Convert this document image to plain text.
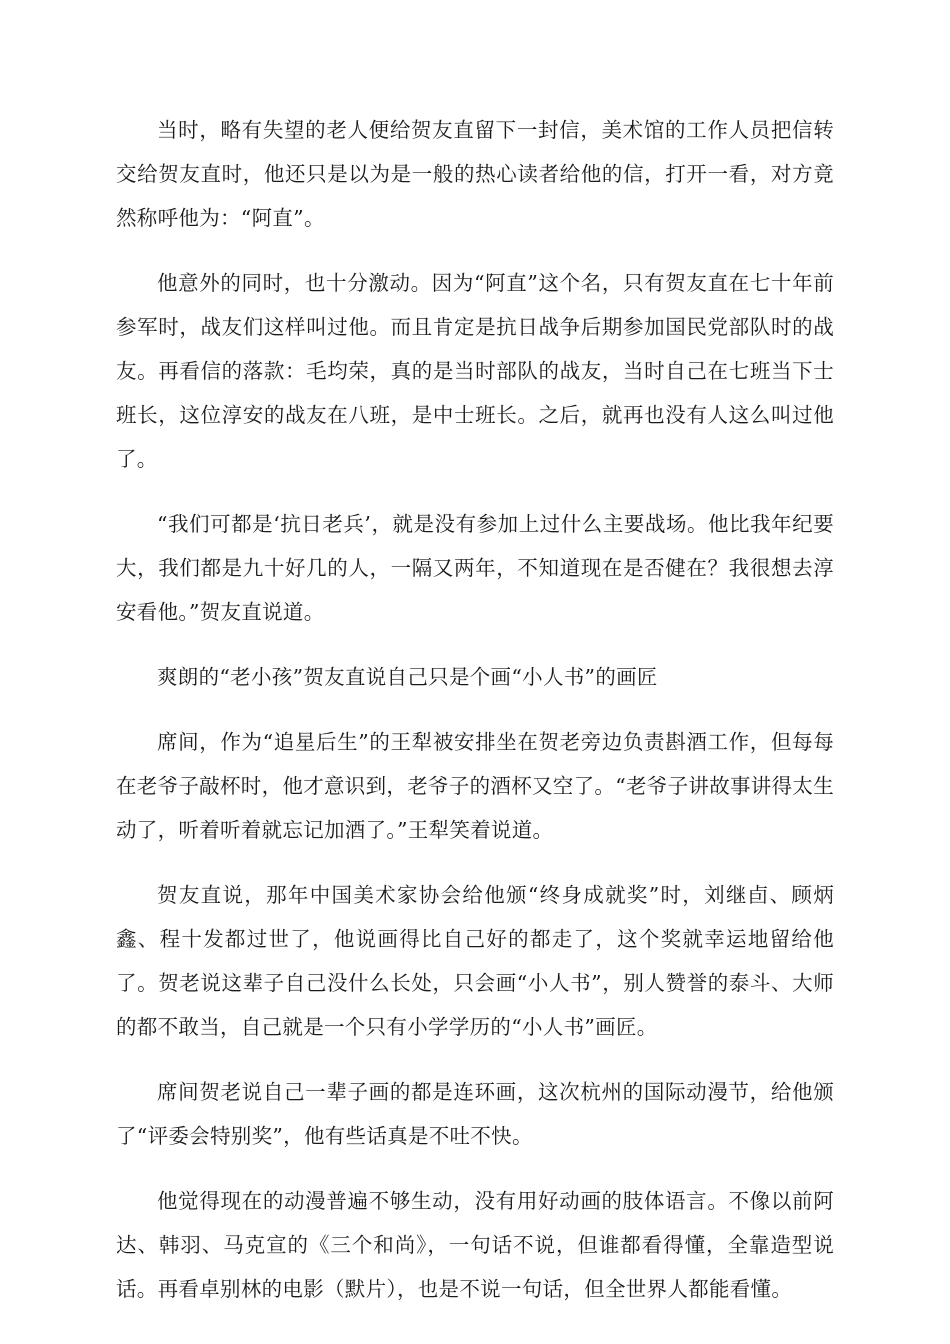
当时，略有失望的老人便给贺友直留下一封信，美术馆的工作人员把信转交给贺友直时，他还只是以为是一般的热心读者给他的信，打开一看，对方竟然称呼他为：“阿直”。

他意外的同时，也十分激动。因为“阿直”这个名，只有贺友直在七十年前参军时，战友们这样叫过他。而且肯定是抗日战争后期参加国民党部队时的战友。再看信的落款：毛均荣，真的是当时部队的战友，当时自己在七班当下士班长，这位淳安的战友在八班，是中士班长。之后，就再也没有人这么叫过他了。

“我们可都是‘抗日老兵’，就是没有参加上过什么主要战场。他比我年纪要大，我们都是九十好几的人，一隔又两年，不知道现在是否健在？我很想去淳安看他。”贺友直说道。

爽朗的“老小孩”贺友直说自己只是个画“小人书”的画匠

席间，作为“追星后生”的王犁被安排坐在贺老旁边负责斟酒工作，但每每在老爷子敲杯时，他才意识到，老爷子的酒杯又空了。“老爷子讲故事讲得太生动了，听着听着就忘记加酒了。”王犁笑着说道。

贺友直说，那年中国美术家协会给他颁“终身成就奖”时，刘继卣、顾炳鑫、程十发都过世了，他说画得比自己好的都走了，这个奖就幸运地留给他了。贺老说这辈子自己没什么长处，只会画“小人书”，别人赞誉的泰斗、大师的都不敢当，自己就是一个只有小学学历的“小人书”画匠。

席间贺老说自己一辈子画的都是连环画，这次杭州的国际动漫节，给他颁了“评委会特别奖”，他有些话真是不吐不快。

他觉得现在的动漫普遍不够生动，没有用好动画的肢体语言。不像以前阿达、韩羽、马克宣的《三个和尚》，一句话不说，但谁都看得懂，全靠造型说话。再看卓别林的电影（默片），也是不说一句话，但全世界人都能看懂。
